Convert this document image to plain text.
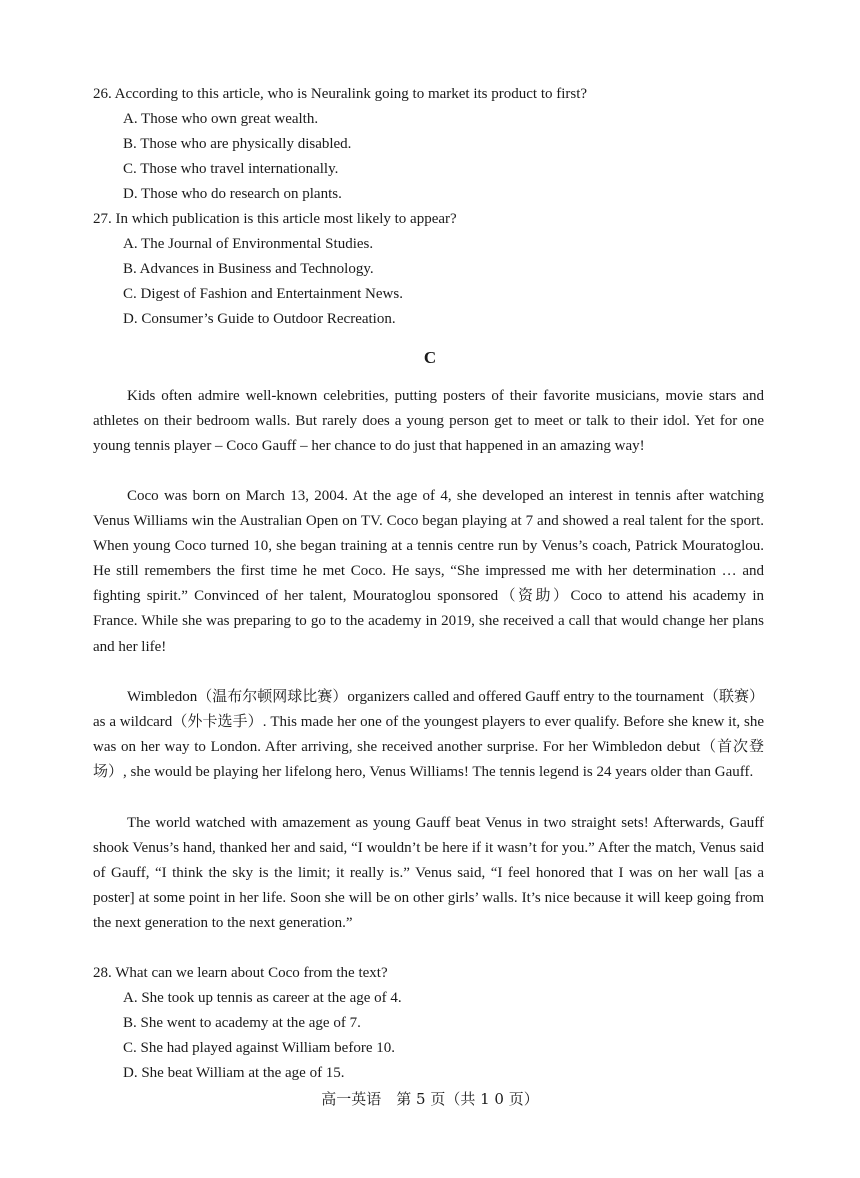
26. According to this article, who is Neuralink going to market its product to first?
A. Those who own great wealth.
B. Those who are physically disabled.
C. Those who travel internationally.
D. Those who do research on plants.
27. In which publication is this article most likely to appear?
A. The Journal of Environmental Studies.
B. Advances in Business and Technology.
C. Digest of Fashion and Entertainment News.
D. Consumer’s Guide to Outdoor Recreation.
C

Kids often admire well-known celebrities, putting posters of their favorite musicians, movie stars and athletes on their bedroom walls. But rarely does a young person get to meet or talk to their idol. Yet for one young tennis player – Coco Gauff – her chance to do just that happened in an amazing way!

Coco was born on March 13, 2004. At the age of 4, she developed an interest in tennis after watching Venus Williams win the Australian Open on TV. Coco began playing at 7 and showed a real talent for the sport. When young Coco turned 10, she began training at a tennis centre run by Venus’s coach, Patrick Mouratoglou. He still remembers the first time he met Coco. He says, “She impressed me with her determination … and fighting spirit.” Convinced of her talent, Mouratoglou sponsored（资助）Coco to attend his academy in France. While she was preparing to go to the academy in 2019, she received a call that would change her plans and her life!

Wimbledon（温布尔顿网球比赛）organizers called and offered Gauff entry to the tournament（联赛）as a wildcard（外卡选手）. This made her one of the youngest players to ever qualify. Before she knew it, she was on her way to London. After arriving, she received another surprise. For her Wimbledon debut（首次登场）, she would be playing her lifelong hero, Venus Williams! The tennis legend is 24 years older than Gauff.

The world watched with amazement as young Gauff beat Venus in two straight sets! Afterwards, Gauff shook Venus’s hand, thanked her and said, “I wouldn’t be here if it wasn’t for you.” After the match, Venus said of Gauff, “I think the sky is the limit; it really is.” Venus said, “I feel honored that I was on her wall [as a poster] at some point in her life. Soon she will be on other girls’ walls. It’s nice because it will keep going from the next generation to the next generation.”

28. What can we learn about Coco from the text?
A. She took up tennis as career at the age of 4.
B. She went to academy at the age of 7.
C. She had played against William before 10.
D. She beat William at the age of 15.
高一英语　第 5 页（共 1 0 页）
